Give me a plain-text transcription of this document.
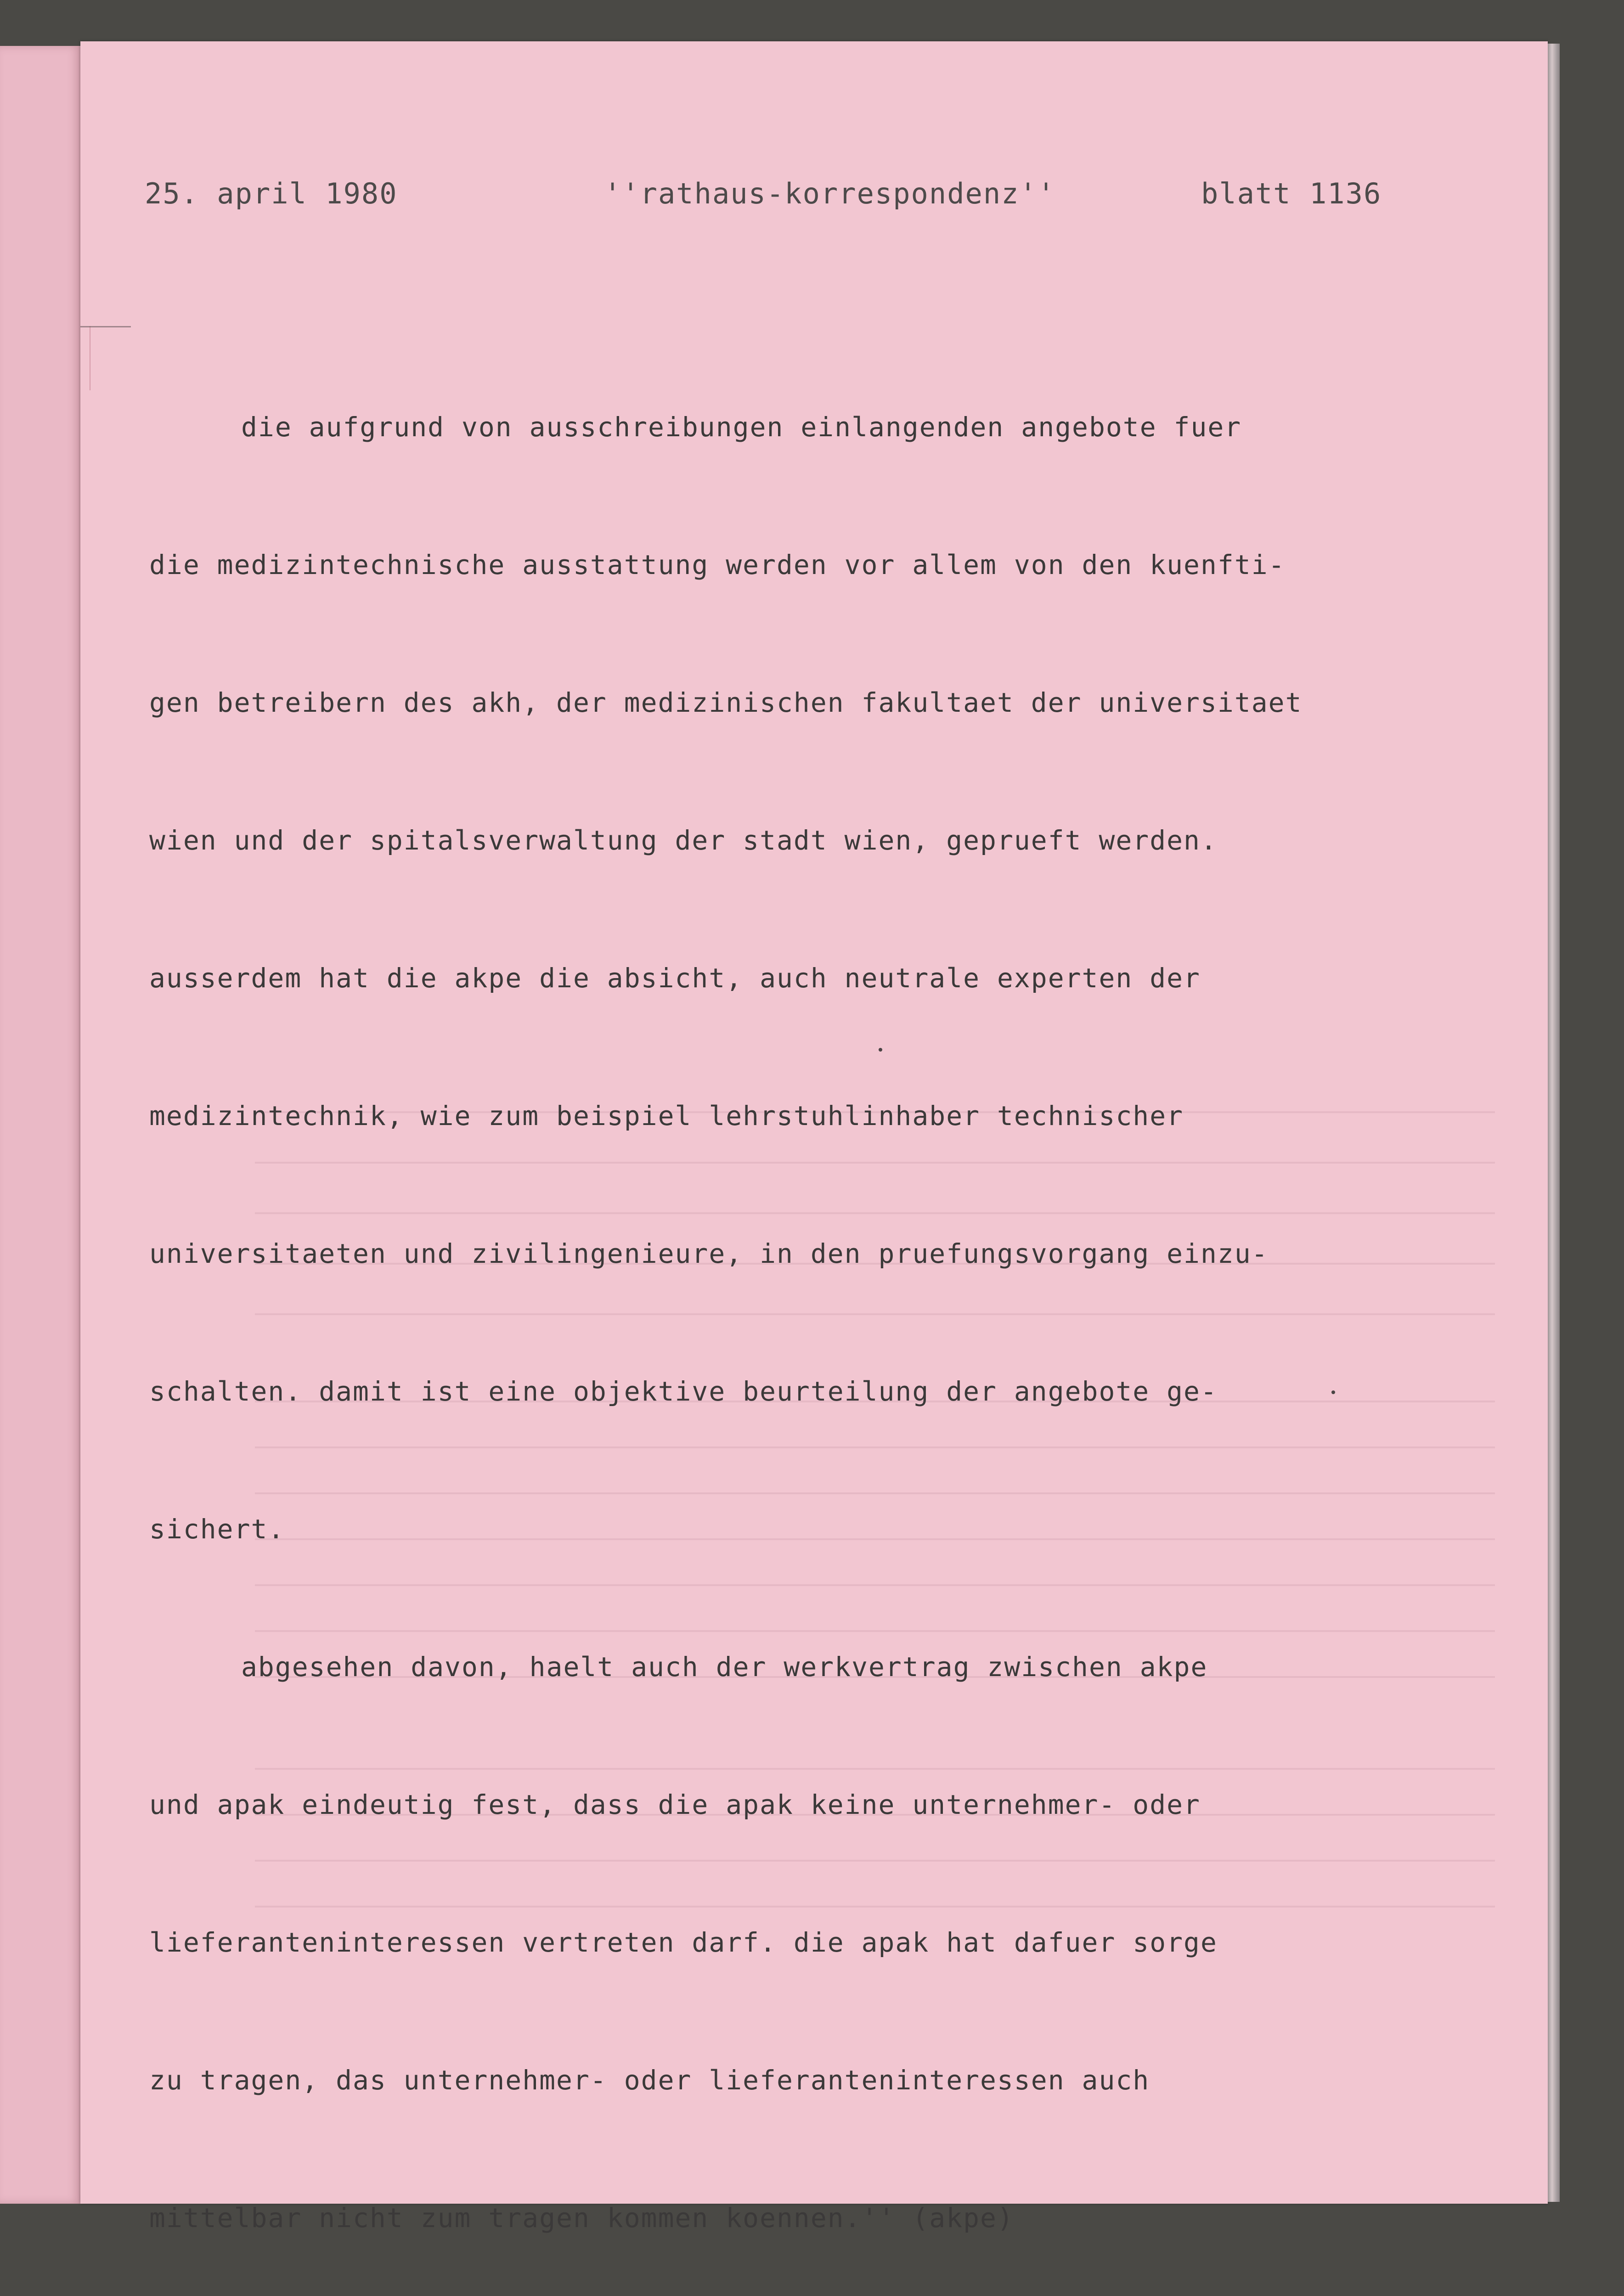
25. april 1980	''rathaus-korrespondenz''	blatt 1136

die aufgrund von ausschreibungen einlangenden angebote fuer

die medizintechnische ausstattung werden vor allem von den kuenfti-

gen betreibern des akh, der medizinischen fakultaet der universitaet

wien und der spitalsverwaltung der stadt wien, geprueft werden.

ausserdem hat die akpe die absicht, auch neutrale experten der

medizintechnik, wie zum beispiel lehrstuhlinhaber technischer

universitaeten und zivilingenieure, in den pruefungsvorgang einzu-

schalten. damit ist eine objektive beurteilung der angebote ge-

sichert.

abgesehen davon, haelt auch der werkvertrag zwischen akpe

und apak eindeutig fest, dass die apak keine unternehmer- oder

lieferanteninteressen vertreten darf. die apak hat dafuer sorge

zu tragen, das unternehmer- oder lieferanteninteressen auch

mittelbar nicht zum tragen kommen koennen.'' (akpe)
